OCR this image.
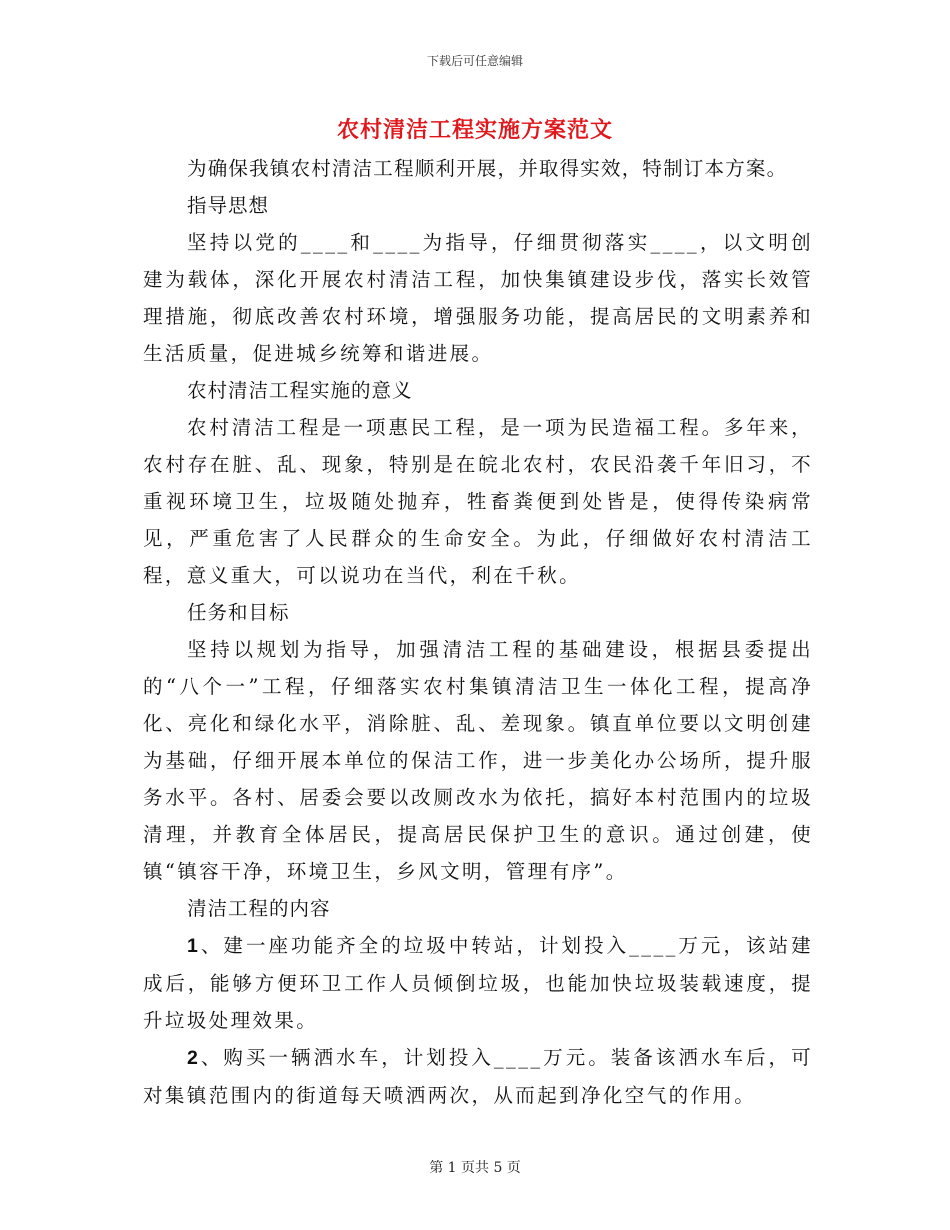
下载后可任意编辑
农村清洁工程实施方案范文

为确保我镇农村清洁工程顺利开展，并取得实效，特制订本方案。

指导思想

坚持以党的____和____为指导，仔细贯彻落实____，以文明创建为载体，深化开展农村清洁工程，加快集镇建设步伐，落实长效管理措施，彻底改善农村环境，增强服务功能，提高居民的文明素养和生活质量，促进城乡统筹和谐进展。

农村清洁工程实施的意义

农村清洁工程是一项惠民工程，是一项为民造福工程。多年来，农村存在脏、乱、现象，特别是在皖北农村，农民沿袭千年旧习，不重视环境卫生，垃圾随处抛弃，牲畜粪便到处皆是，使得传染病常见，严重危害了人民群众的生命安全。为此，仔细做好农村清洁工程，意义重大，可以说功在当代，利在千秋。

任务和目标

坚持以规划为指导，加强清洁工程的基础建设，根据县委提出的“八个一”工程，仔细落实农村集镇清洁卫生一体化工程，提高净化、亮化和绿化水平，消除脏、乱、差现象。镇直单位要以文明创建为基础，仔细开展本单位的保洁工作，进一步美化办公场所，提升服务水平。各村、居委会要以改厕改水为依托，搞好本村范围内的垃圾清理，并教育全体居民，提高居民保护卫生的意识。通过创建，使镇“镇容干净，环境卫生，乡风文明，管理有序”。

清洁工程的内容

1、建一座功能齐全的垃圾中转站，计划投入____万元，该站建成后，能够方便环卫工作人员倾倒垃圾，也能加快垃圾装载速度，提升垃圾处理效果。

2、购买一辆洒水车，计划投入____万元。装备该洒水车后，可对集镇范围内的街道每天喷洒两次，从而起到净化空气的作用。

第 1 页共 5 页
